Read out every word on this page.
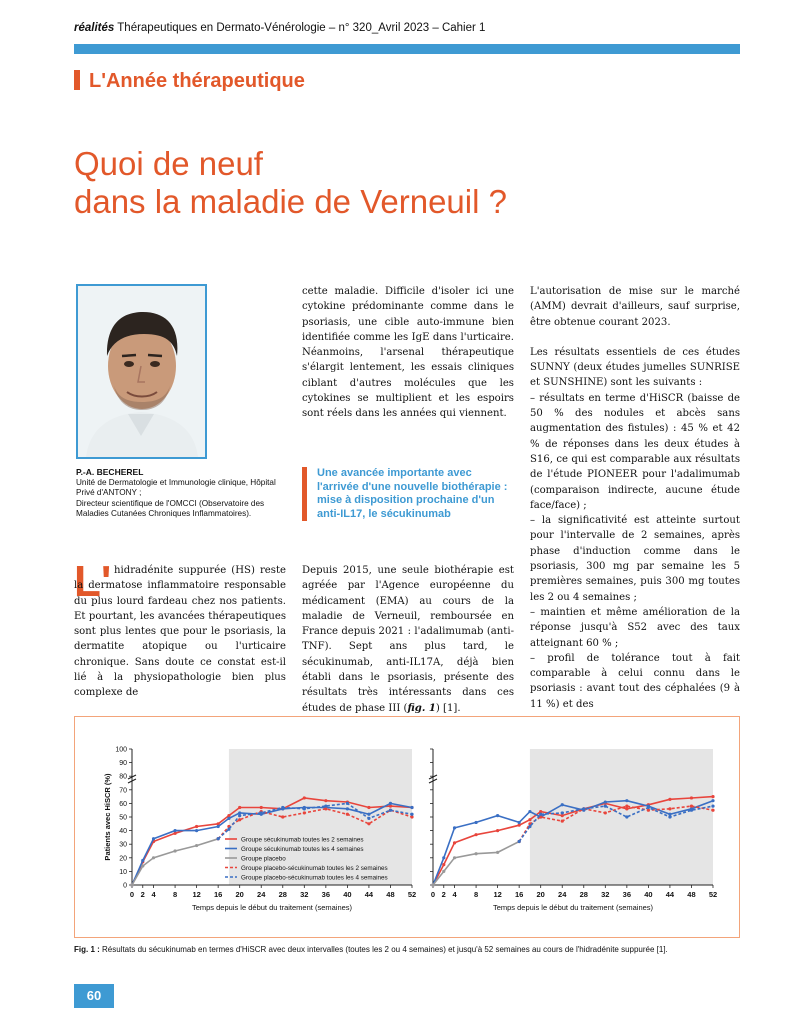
réalités Thérapeutiques en Dermato-Vénérologie – n° 320_Avril 2023 – Cahier 1
L'Année thérapeutique
Quoi de neuf
dans la maladie de Verneuil ?
P.-A. BECHEREL
Unité de Dermatologie et Immunologie clinique, Hôpital Privé d'ANTONY ;
Directeur scientifique de l'OMCCI (Observatoire des Maladies Cutanées Chroniques Inflammatoires).
L' hidradénite suppurée (HS) reste la dermatose inflammatoire responsable du plus lourd fardeau chez nos patients. Et pourtant, les avancées thérapeutiques sont plus lentes que pour le psoriasis, la dermatite atopique ou l'urticaire chronique. Sans doute ce constat est-il lié à la physiopathologie bien plus complexe de

cette maladie. Difficile d'isoler ici une cytokine prédominante comme dans le psoriasis, une cible auto-immune bien identifiée comme les IgE dans l'urticaire. Néanmoins, l'arsenal thérapeutique s'élargit lentement, les essais cliniques ciblant d'autres molécules que les cytokines se multiplient et les espoirs sont réels dans les années qui viennent.

Une avancée importante avec l'arrivée d'une nouvelle biothérapie : mise à disposition prochaine d'un anti-IL17, le sécukinumab

Depuis 2015, une seule biothérapie est agréée par l'Agence européenne du médicament (EMA) au cours de la maladie de Verneuil, remboursée en France depuis 2021 : l'adalimumab (anti-TNF). Sept ans plus tard, le sécukinumab, anti-IL17A, déjà bien établi dans le psoriasis, présente des résultats très intéressants dans ces études de phase III (fig. 1) [1].

L'autorisation de mise sur le marché (AMM) devrait d'ailleurs, sauf surprise, être obtenue courant 2023.

Les résultats essentiels de ces études SUNNY (deux études jumelles SUNRISE et SUNSHINE) sont les suivants :

– résultats en terme d'HiSCR (baisse de 50 % des nodules et abcès sans augmentation des fistules) : 45 % et 42 % de réponses dans les deux études à S16, ce qui est comparable aux résultats de l'étude PIONEER pour l'adalimumab (comparaison indirecte, aucune étude face/face) ;

– la significativité est atteinte surtout pour l'intervalle de 2 semaines, après phase d'induction comme dans le psoriasis, 300 mg par semaine les 5 premières semaines, puis 300 mg toutes les 2 ou 4 semaines ;

– maintien et même amélioration de la réponse jusqu'à S52 avec des taux atteignant 60 % ;

– profil de tolérance tout à fait comparable à celui connu dans le psoriasis : avant tout des céphalées (9 à 11 %) et des

0
10
20
30
40
50
60
70
80
90
100
0 2 4 8 12 16 20 24 28 32 36 40 44 48 52
Temps depuis le début du traitement (semaines)
Patients avec HiSCR (%)	Groupe sécukinumab toutes les 2 semaines
Groupe sécukinumab toutes les 4 semaines
Groupe placebo
Groupe placebo-sécukinumab toutes les 2 semaines
Groupe placebo-sécukinumab toutes les 4 semaines
0 2 4 8 12 16 20 24 28 32 36 40 44 48 52
Temps depuis le début du traitement (semaines)
Fig. 1 : Résultats du sécukinumab en termes d'HiSCR avec deux intervalles (toutes les 2 ou 4 semaines) et jusqu'à 52 semaines au cours de l'hidradénite suppurée [1].
60
